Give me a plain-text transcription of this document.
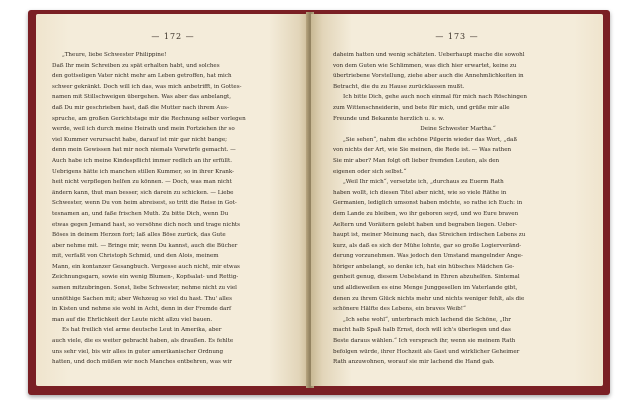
— 172 —
„Theure, liebe Schwester Philippine!
Daß Ihr mein Schreiben zu spät erhalten habt, und solches
den gottseligen Vater nicht mehr am Leben getroffen, hat mich
schwer gekränkt. Doch will ich das, was mich anbetrifft, in Gottes-
namen mit Stillschweigen übergehen. Was aber das anbelangt,
daß Du mir geschrieben hast, daß die Mutter nach ihrem Aus-
spruche, am großen Gerichtstage mir die Rechnung selber vorlegen
werde, weil ich durch meine Heirath und mein Fortziehen ihr so
viel Kummer verursacht habe, darauf ist mir gar nicht bange;
denn mein Gewissen hat mir noch niemals Vorwürfe gemacht. —
Auch habe ich meine Kindespflicht immer redlich an ihr erfüllt.
Uebrigens hätte ich manchen stillen Kummer, so in ihrer Krank-
heit nicht verpflegen helfen zu können. — Doch, was man nicht
ändern kann, thut man besser, sich darein zu schicken. — Liebe
Schwester, wenn Du von heim abreisest, so tritt die Reise in Got-
tesnamen an, und faße frischen Muth. Zu bitte Dich, wenn Du
etwas gegen Jemand hast, so versöhne dich noch und trage nichts
Böses in deinem Herzen fort; laß alles Böse zurück, das Gute
aber nehme mit. — Bringe mir, wenn Du kannst, auch die Bücher
mit, verfaßt von Christoph Schmid, und den Alois, meinem
Mann, ein kontanzer Gesangbuch. Vergesse auch nicht, mir etwas
Zeichnungsgarn, sowie ein wenig Blumen-, Kopfsalat- und Rettig-
samen mitzubringen. Sonst, liebe Schwester, nehme nicht zu viel
unnöthige Sachen mit; aber Wehzeug so viel du hast. Thu' alles
in Kisten und nehme sie wohl in Acht, denn in der Fremde darf
man auf die Ehrlichkeit der Leute nicht allzu viel bauen.
Es hat freilich viel arme deutsche Leut in Amerika, aber
auch viele, die es weiter gebracht haben, als draußen. Es fehlte
uns sehr viel, bis wir alles in guter amerikanischer Ordnung
hatten, und doch müßen wir noch Manches entbehren, was wir
— 173 —
daheim hatten und wenig schätzten. Ueberhaupt mache die sowohl
von dem Guten wie Schlimmen, was dich hier erwartet, keine zu
übertriebene Vorstellung, ziehe aber auch die Annehmlichkeiten in
Betracht, die du zu Hause zurücklassen mußt.
Ich bitte Dich, gehe auch noch einmal für mich nach Röschingen
zum Wittenschneiderin, und bete für mich, und grüße mir alle
Freunde und Bekannte herzlich u. s. w.
Deine Schwester Martha.“
„Sie sehen“, nahm die schöne Pilgerin wieder das Wort, „daß
von nichts der Art, wie Sie meinen, die Rede ist. — Was rathen
Sie mir aber? Man folgt oft lieber fremden Leuten, als den
eigenen oder sich selbst.“
„Weil Ihr mich“, versetzte ich, „durchaus zu Euerm Rath
haben wollt, ich diesen Titel aber nicht, wie so viele Räthe in
Germanien, lediglich umsonst haben möchte, so rathe ich Euch: in
dem Lande zu bleiben, wo ihr geboren seyd, und wo Eure braven
Aeltern und Voräitern gelebt haben und begraben liegen. Ueber-
haupt ist, meiner Meinung nach, das Streichen irdischen Lebens zu
kurz, als daß es sich der Mühe lohnte, gar so große Logierveränd-
derung vorzunehmen. Was jedoch den Umstand mangelnder Ange-
höriger anbelangt, so denke ich, hat ein hübsches Mädchen Ge-
genheit genug, diesem Uebelstand in Ehren abzuhelfen. Sintemal
und alldieweilen es eine Menge Junggesellen im Vaterlande gibt,
denen zu ihrem Glück nichts mehr und nichts weniger fehlt, als die
schönere Hälfte des Lebens, ein braves Weib!“
„Ich sehe wohl“, unterbrach mich lachend die Schöne, „Ihr
macht halb Spaß halb Ernst, doch will ich's überlegen und das
Beste daraus wählen.“ Ich versprach ihr, wenn sie meinem Rath
befolgen würde, ihrer Hochzeit als Gast und wirklicher Geheimer
Rath anzuwohnen, worauf sie mir lachend die Hand gab.
